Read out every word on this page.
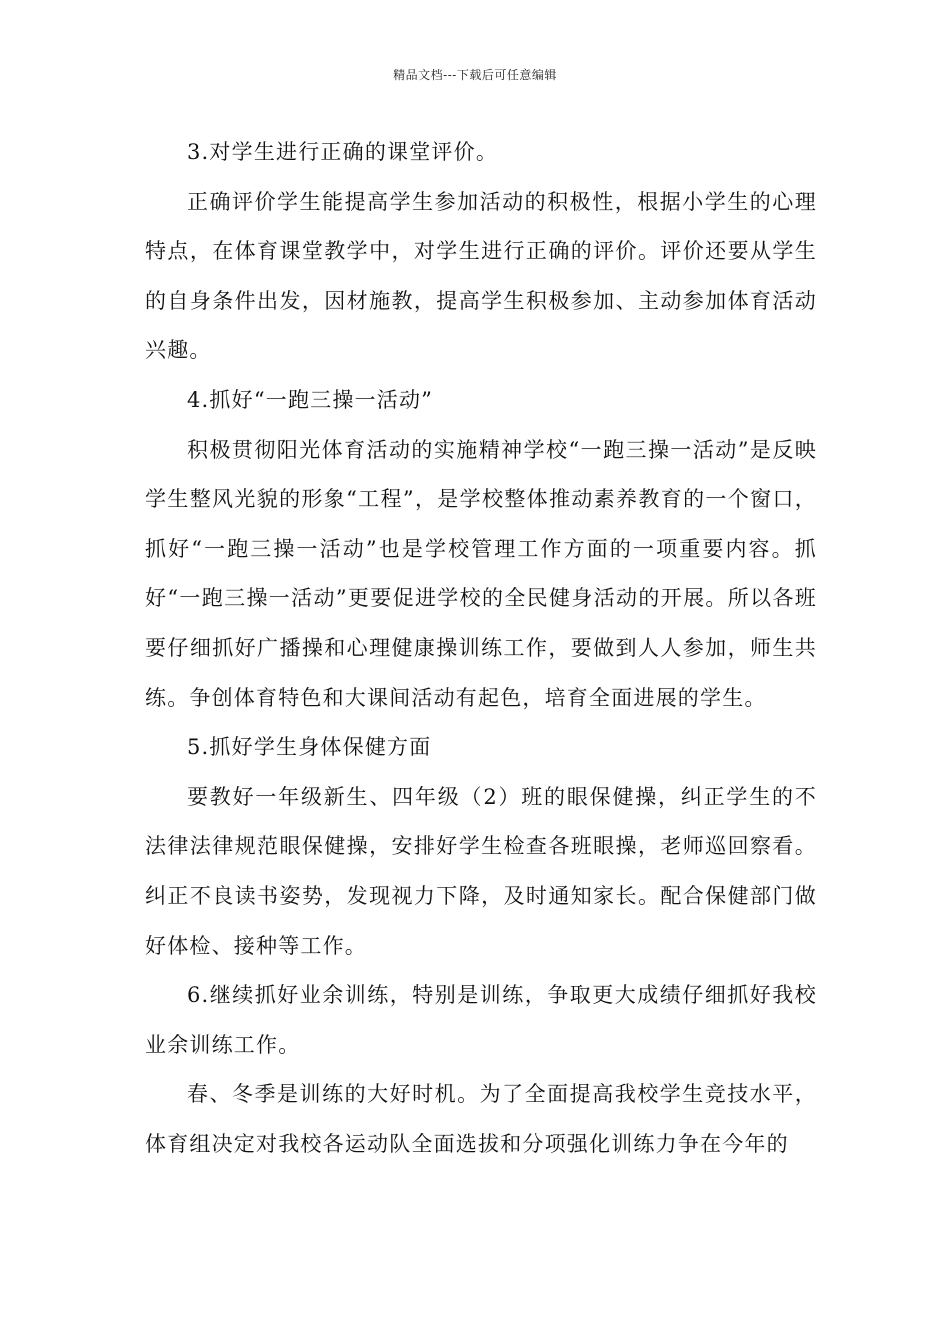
精品文档---下载后可任意编辑

3.对学生进行正确的课堂评价。

正确评价学生能提高学生参加活动的积极性，根据小学生的心理特点，在体育课堂教学中，对学生进行正确的评价。评价还要从学生的自身条件出发，因材施教，提高学生积极参加、主动参加体育活动兴趣。

4.抓好“一跑三操一活动”

积极贯彻阳光体育活动的实施精神学校“一跑三操一活动”是反映学生整风光貌的形象“工程”，是学校整体推动素养教育的一个窗口，抓好“一跑三操一活动”也是学校管理工作方面的一项重要内容。抓好“一跑三操一活动”更要促进学校的全民健身活动的开展。所以各班要仔细抓好广播操和心理健康操训练工作，要做到人人参加，师生共练。争创体育特色和大课间活动有起色，培育全面进展的学生。

5.抓好学生身体保健方面

要教好一年级新生、四年级（2）班的眼保健操，纠正学生的不法律法律规范眼保健操，安排好学生检查各班眼操，老师巡回察看。纠正不良读书姿势，发现视力下降，及时通知家长。配合保健部门做好体检、接种等工作。

6.继续抓好业余训练，特别是训练，争取更大成绩仔细抓好我校业余训练工作。

春、冬季是训练的大好时机。为了全面提高我校学生竞技水平，体育组决定对我校各运动队全面选拔和分项强化训练力争在今年的
